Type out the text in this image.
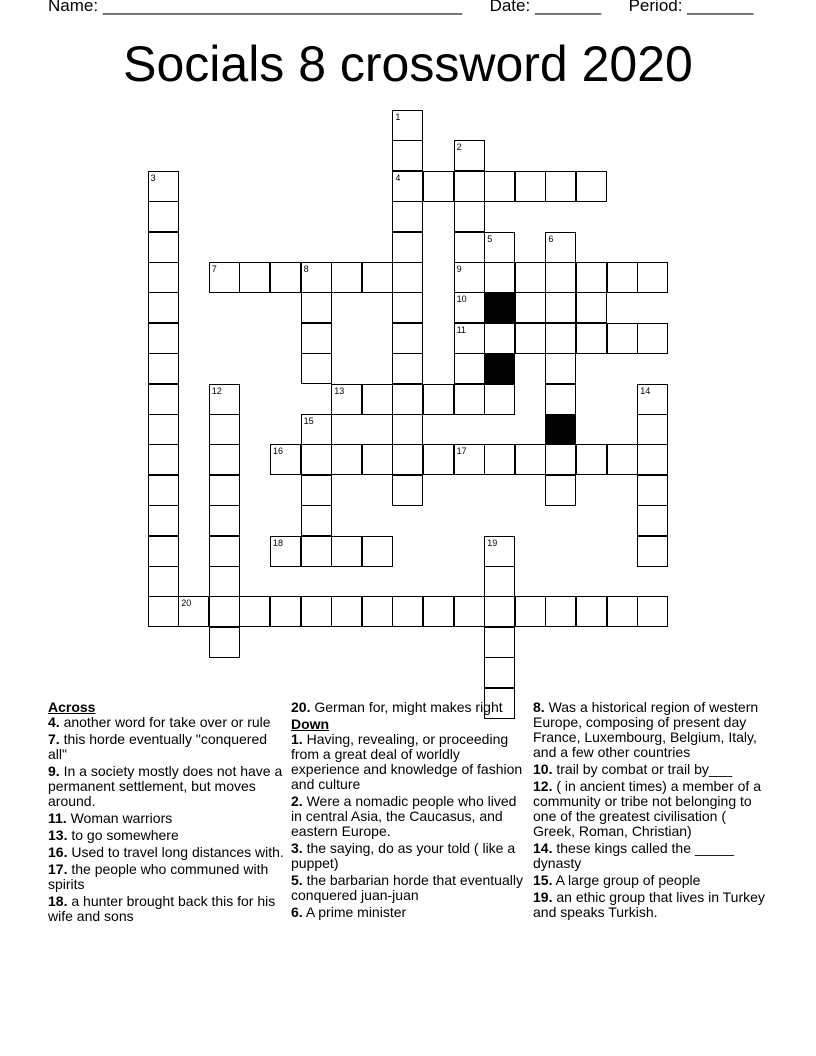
Name: ______________________________________ Date: _______ Period: _______
Socials 8 crossword 2020
1
4
2
9
10
11
3
5	6
7	8
12	13	14
15
16	17
18	19
20
Across
4. another word for take over or rule
7. this horde eventually "conquered all"
9. In a society mostly does not have a permanent settlement, but moves around.
11. Woman warriors
13. to go somewhere
16. Used to travel long distances with.
17. the people who communed with spirits
18. a hunter brought back this for his wife and sons
20. German for, might makes right
Down
1. Having, revealing, or proceeding from a great deal of worldly experience and knowledge of fashion and culture
2. Were a nomadic people who lived in central Asia, the Caucasus, and eastern Europe.
3. the saying, do as your told ( like a puppet)
5. the barbarian horde that eventually conquered juan-juan
6. A prime minister
8. Was a historical region of western Europe, composing of present day France, Luxembourg, Belgium, Italy, and a few other countries
10. trail by combat or trail by___
12. ( in ancient times) a member of a community or tribe not belonging to one of the greatest civilisation ( Greek, Roman, Christian)
14. these kings called the _____ dynasty
15. A large group of people
19. an ethic group that lives in Turkey and speaks Turkish.
